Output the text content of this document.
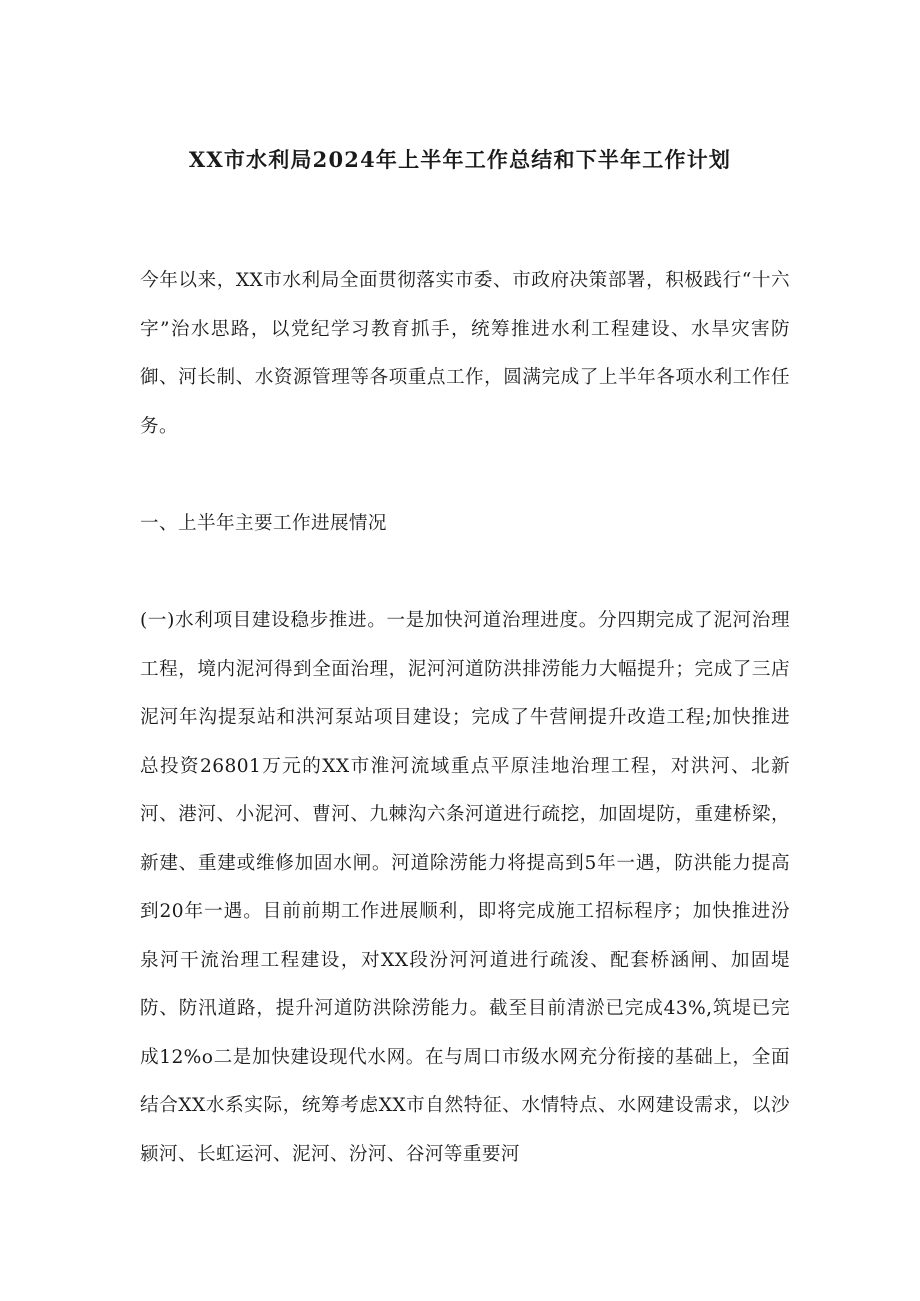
XX市水利局2024年上半年工作总结和下半年工作计划
今年以来，XX市水利局全面贯彻落实市委、市政府决策部署，积极践行“十六字”治水思路，以党纪学习教育抓手，统筹推进水利工程建设、水旱灾害防御、河长制、水资源管理等各项重点工作，圆满完成了上半年各项水利工作任务。
一、上半年主要工作进展情况
(一)水利项目建设稳步推进。一是加快河道治理进度。分四期完成了泥河治理工程，境内泥河得到全面治理，泥河河道防洪排涝能力大幅提升；完成了三店泥河年沟提泵站和洪河泵站项目建设；完成了牛营闸提升改造工程;加快推进总投资26801万元的XX市淮河流域重点平原洼地治理工程，对洪河、北新河、港河、小泥河、曹河、九棘沟六条河道进行疏挖，加固堤防，重建桥梁，新建、重建或维修加固水闸。河道除涝能力将提高到5年一遇，防洪能力提高到20年一遇。目前前期工作进展顺利，即将完成施工招标程序；加快推进汾泉河干流治理工程建设，对XX段汾河河道进行疏浚、配套桥涵闸、加固堤防、防汛道路，提升河道防洪除涝能力。截至目前清淤已完成43%,筑堤已完成12%o二是加快建设现代水网。在与周口市级水网充分衔接的基础上，全面结合XX水系实际，统筹考虑XX市自然特征、水情特点、水网建设需求，以沙颍河、长虹运河、泥河、汾河、谷河等重要河
